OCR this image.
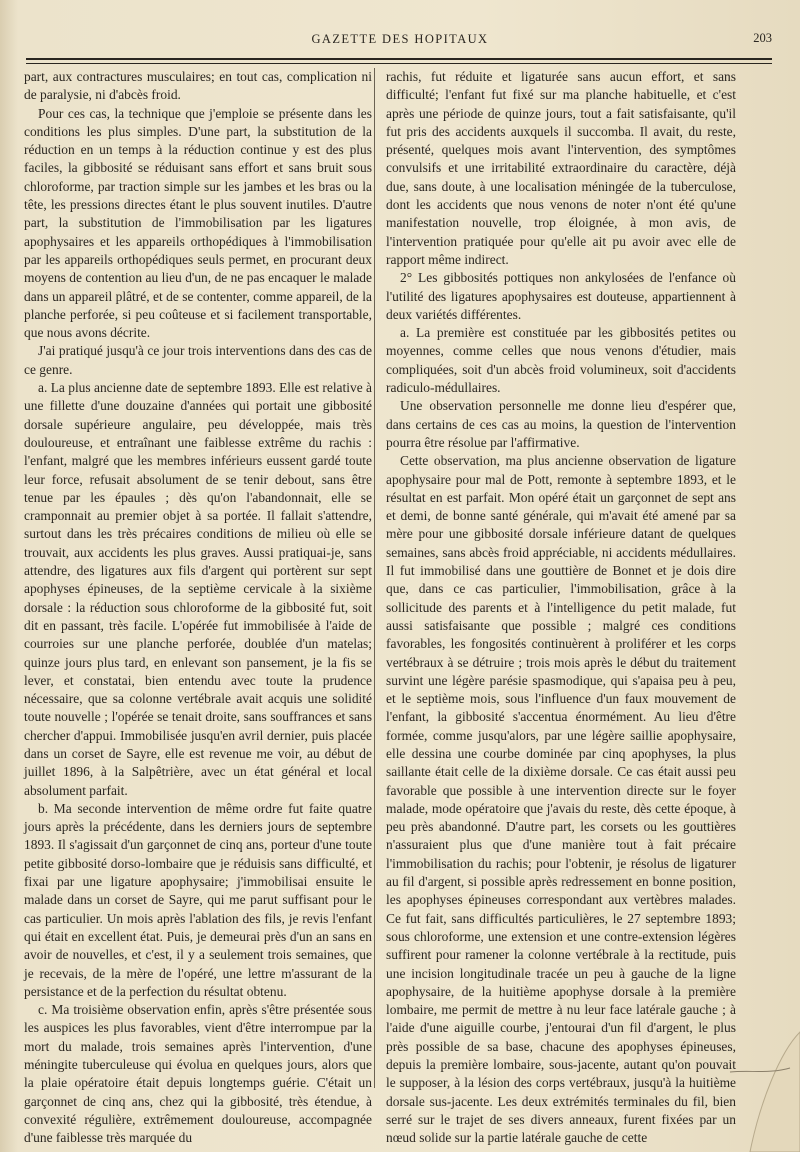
GAZETTE DES HOPITAUX	203

part, aux contractures musculaires; en tout cas, complication ni de paralysie, ni d'abcès froid.

Pour ces cas, la technique que j'emploie se présente dans les conditions les plus simples. D'une part, la substitution de la réduction en un temps à la réduction continue y est des plus faciles, la gibbosité se réduisant sans effort et sans bruit sous chloroforme, par traction simple sur les jambes et les bras ou la tête, les pressions directes étant le plus souvent inutiles. D'autre part, la substitution de l'immobilisation par les ligatures apophysaires et les appareils orthopédiques à l'immobilisation par les appareils orthopédiques seuls permet, en procurant deux moyens de contention au lieu d'un, de ne pas encaquer le malade dans un appareil plâtré, et de se contenter, comme appareil, de la planche perforée, si peu coûteuse et si facilement transportable, que nous avons décrite.

J'ai pratiqué jusqu'à ce jour trois interventions dans des cas de ce genre.

a. La plus ancienne date de septembre 1893. Elle est relative à une fillette d'une douzaine d'années qui portait une gibbosité dorsale supérieure angulaire, peu développée, mais très douloureuse, et entraînant une faiblesse extrême du rachis : l'enfant, malgré que les membres inférieurs eussent gardé toute leur force, refusait absolument de se tenir debout, sans être tenue par les épaules ; dès qu'on l'abandonnait, elle se cramponnait au premier objet à sa portée. Il fallait s'attendre, surtout dans les très précaires conditions de milieu où elle se trouvait, aux accidents les plus graves. Aussi pratiquai-je, sans attendre, des ligatures aux fils d'argent qui portèrent sur sept apophyses épineuses, de la septième cervicale à la sixième dorsale : la réduction sous chloroforme de la gibbosité fut, soit dit en passant, très facile. L'opérée fut immobilisée à l'aide de courroies sur une planche perforée, doublée d'un matelas; quinze jours plus tard, en enlevant son pansement, je la fis se lever, et constatai, bien entendu avec toute la prudence nécessaire, que sa colonne vertébrale avait acquis une solidité toute nouvelle ; l'opérée se tenait droite, sans souffrances et sans chercher d'appui. Immobilisée jusqu'en avril dernier, puis placée dans un corset de Sayre, elle est revenue me voir, au début de juillet 1896, à la Salpêtrière, avec un état général et local absolument parfait.

b. Ma seconde intervention de même ordre fut faite quatre jours après la précédente, dans les derniers jours de septembre 1893. Il s'agissait d'un garçonnet de cinq ans, porteur d'une toute petite gibbosité dorso-lombaire que je réduisis sans difficulté, et fixai par une ligature apophysaire; j'immobilisai ensuite le malade dans un corset de Sayre, qui me parut suffisant pour le cas particulier. Un mois après l'ablation des fils, je revis l'enfant qui était en excellent état. Puis, je demeurai près d'un an sans en avoir de nouvelles, et c'est, il y a seulement trois semaines, que je recevais, de la mère de l'opéré, une lettre m'assurant de la persistance et de la perfection du résultat obtenu.

c. Ma troisième observation enfin, après s'être présentée sous les auspices les plus favorables, vient d'être interrompue par la mort du malade, trois semaines après l'intervention, d'une méningite tuberculeuse qui évolua en quelques jours, alors que la plaie opératoire était depuis longtemps guérie. C'était un garçonnet de cinq ans, chez qui la gibbosité, très étendue, à convexité régulière, extrêmement douloureuse, accompagnée d'une faiblesse très marquée du

rachis, fut réduite et ligaturée sans aucun effort, et sans difficulté; l'enfant fut fixé sur ma planche habituelle, et c'est après une période de quinze jours, tout a fait satisfaisante, qu'il fut pris des accidents auxquels il succomba. Il avait, du reste, présenté, quelques mois avant l'intervention, des symptômes convulsifs et une irritabilité extraordinaire du caractère, déjà due, sans doute, à une localisation méningée de la tuberculose, dont les accidents que nous venons de noter n'ont été qu'une manifestation nouvelle, trop éloignée, à mon avis, de l'intervention pratiquée pour qu'elle ait pu avoir avec elle de rapport même indirect.

2° Les gibbosités pottiques non ankylosées de l'enfance où l'utilité des ligatures apophysaires est douteuse, appartiennent à deux variétés différentes.

a. La première est constituée par les gibbosités petites ou moyennes, comme celles que nous venons d'étudier, mais compliquées, soit d'un abcès froid volumineux, soit d'accidents radiculo-médullaires.

Une observation personnelle me donne lieu d'espérer que, dans certains de ces cas au moins, la question de l'intervention pourra être résolue par l'affirmative.

Cette observation, ma plus ancienne observation de ligature apophysaire pour mal de Pott, remonte à septembre 1893, et le résultat en est parfait. Mon opéré était un garçonnet de sept ans et demi, de bonne santé générale, qui m'avait été amené par sa mère pour une gibbosité dorsale inférieure datant de quelques semaines, sans abcès froid appréciable, ni accidents médullaires. Il fut immobilisé dans une gouttière de Bonnet et je dois dire que, dans ce cas particulier, l'immobilisation, grâce à la sollicitude des parents et à l'intelligence du petit malade, fut aussi satisfaisante que possible ; malgré ces conditions favorables, les fongosités continuèrent à proliférer et les corps vertébraux à se détruire ; trois mois après le début du traitement survint une légère parésie spasmodique, qui s'apaisa peu à peu, et le septième mois, sous l'influence d'un faux mouvement de l'enfant, la gibbosité s'accentua énormément. Au lieu d'être formée, comme jusqu'alors, par une légère saillie apophysaire, elle dessina une courbe dominée par cinq apophyses, la plus saillante était celle de la dixième dorsale. Ce cas était aussi peu favorable que possible à une intervention directe sur le foyer malade, mode opératoire que j'avais du reste, dès cette époque, à peu près abandonné. D'autre part, les corsets ou les gouttières n'assuraient plus que d'une manière tout à fait précaire l'immobilisation du rachis; pour l'obtenir, je résolus de ligaturer au fil d'argent, si possible après redressement en bonne position, les apophyses épineuses correspondant aux vertèbres malades. Ce fut fait, sans difficultés particulières, le 27 septembre 1893; sous chloroforme, une extension et une contre-extension légères suffirent pour ramener la colonne vertébrale à la rectitude, puis une incision longitudinale tracée un peu à gauche de la ligne apophysaire, de la huitième apophyse dorsale à la première lombaire, me permit de mettre à nu leur face latérale gauche ; à l'aide d'une aiguille courbe, j'entourai d'un fil d'argent, le plus près possible de sa base, chacune des apophyses épineuses, depuis la première lombaire, sous-jacente, autant qu'on pouvait le supposer, à la lésion des corps vertébraux, jusqu'à la huitième dorsale sus-jacente. Les deux extrémités terminales du fil, bien serré sur le trajet de ses divers anneaux, furent fixées par un nœud solide sur la partie latérale gauche de cette
